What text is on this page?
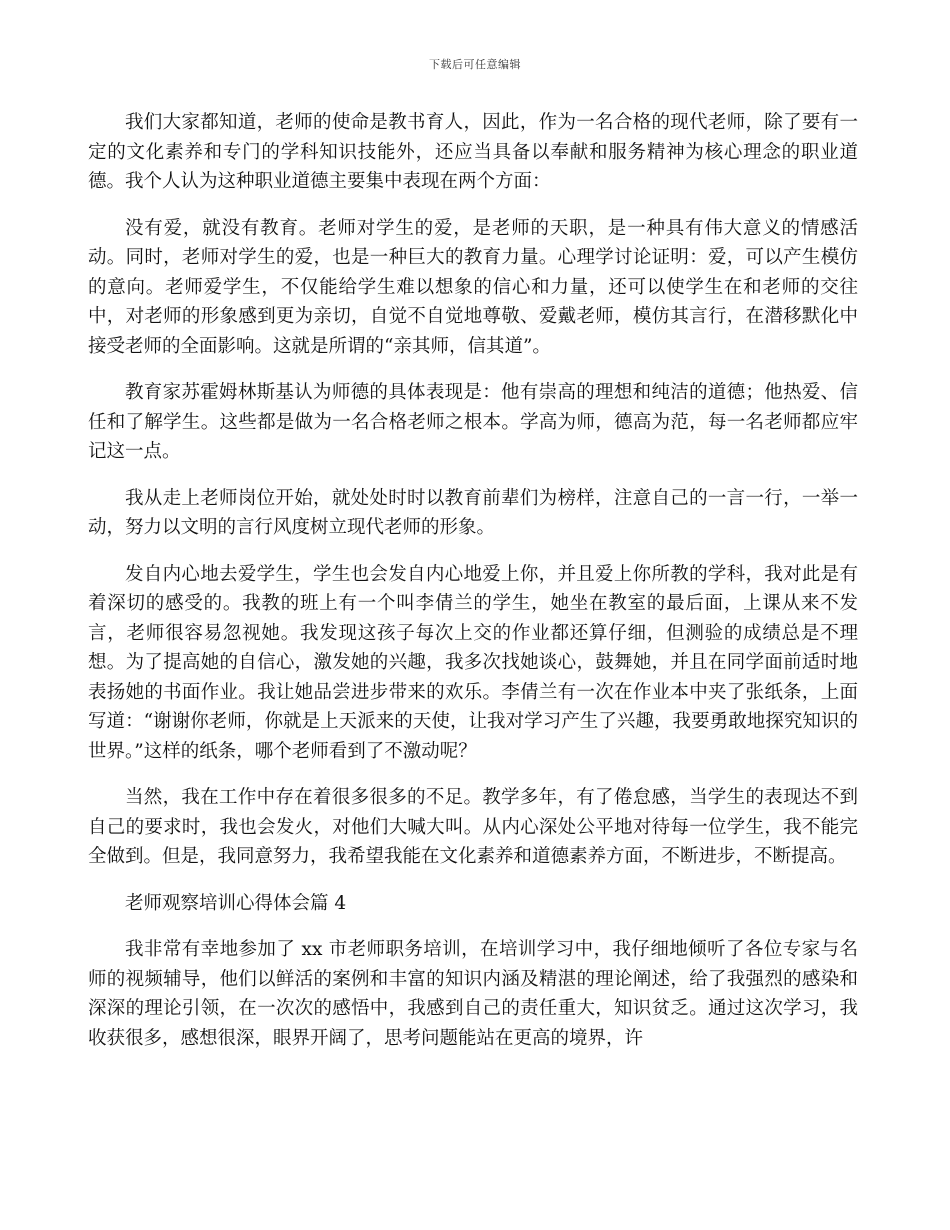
下载后可任意编辑

我们大家都知道，老师的使命是教书育人，因此，作为一名合格的现代老师，除了要有一定的文化素养和专门的学科知识技能外，还应当具备以奉献和服务精神为核心理念的职业道德。我个人认为这种职业道德主要集中表现在两个方面：

没有爱，就没有教育。老师对学生的爱，是老师的天职，是一种具有伟大意义的情感活动。同时，老师对学生的爱，也是一种巨大的教育力量。心理学讨论证明：爱，可以产生模仿的意向。老师爱学生，不仅能给学生难以想象的信心和力量，还可以使学生在和老师的交往中，对老师的形象感到更为亲切，自觉不自觉地尊敬、爱戴老师，模仿其言行，在潜移默化中接受老师的全面影响。这就是所谓的“亲其师，信其道”。

教育家苏霍姆林斯基认为师德的具体表现是：他有崇高的理想和纯洁的道德；他热爱、信任和了解学生。这些都是做为一名合格老师之根本。学高为师，德高为范，每一名老师都应牢记这一点。

我从走上老师岗位开始，就处处时时以教育前辈们为榜样，注意自己的一言一行，一举一动，努力以文明的言行风度树立现代老师的形象。

发自内心地去爱学生，学生也会发自内心地爱上你，并且爱上你所教的学科，我对此是有着深切的感受的。我教的班上有一个叫李倩兰的学生，她坐在教室的最后面，上课从来不发言，老师很容易忽视她。我发现这孩子每次上交的作业都还算仔细，但测验的成绩总是不理想。为了提高她的自信心，激发她的兴趣，我多次找她谈心，鼓舞她，并且在同学面前适时地表扬她的书面作业。我让她品尝进步带来的欢乐。李倩兰有一次在作业本中夹了张纸条，上面写道：“谢谢你老师，你就是上天派来的天使，让我对学习产生了兴趣，我要勇敢地探究知识的世界。”这样的纸条，哪个老师看到了不激动呢？

当然，我在工作中存在着很多很多的不足。教学多年，有了倦怠感，当学生的表现达不到自己的要求时，我也会发火，对他们大喊大叫。从内心深处公平地对待每一位学生，我不能完全做到。但是，我同意努力，我希望我能在文化素养和道德素养方面，不断进步，不断提高。

老师观察培训心得体会篇 4

我非常有幸地参加了 xx 市老师职务培训，在培训学习中，我仔细地倾听了各位专家与名师的视频辅导，他们以鲜活的案例和丰富的知识内涵及精湛的理论阐述，给了我强烈的感染和深深的理论引领，在一次次的感悟中，我感到自己的责任重大，知识贫乏。通过这次学习，我收获很多，感想很深，眼界开阔了，思考问题能站在更高的境界，许
